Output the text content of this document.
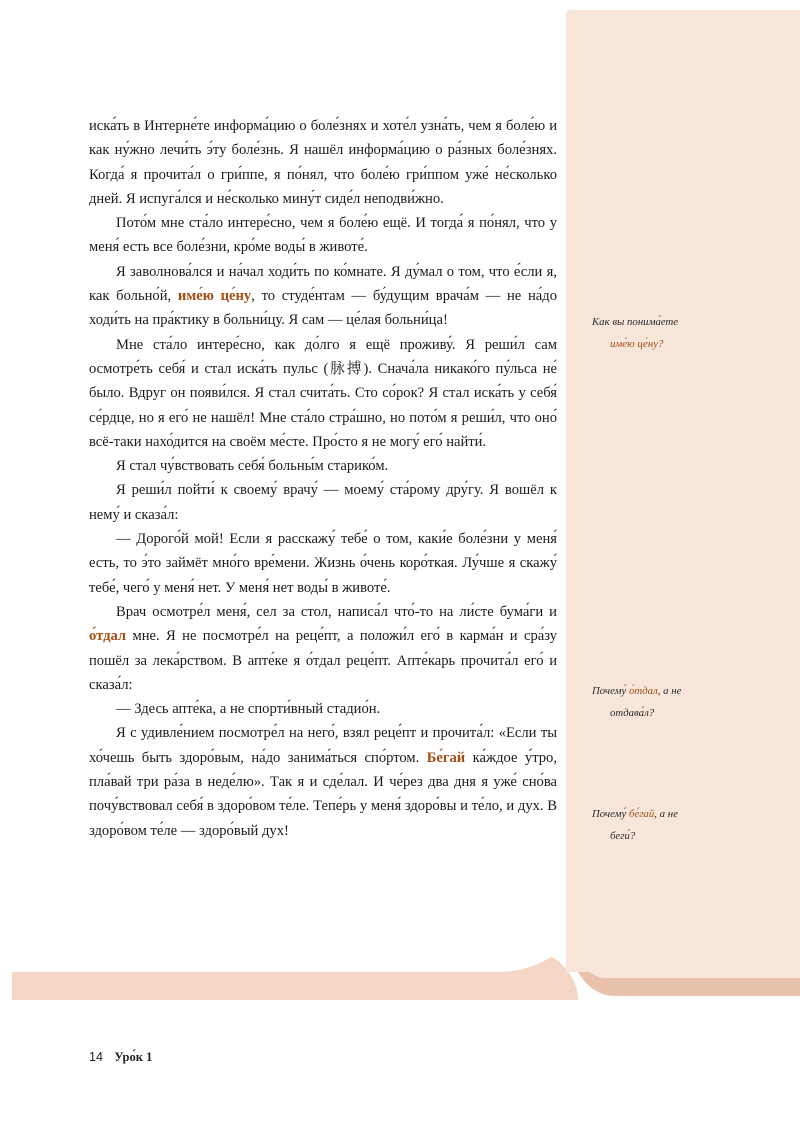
иска́ть в Интерне́те информа́цию о боле́знях и хоте́л узна́ть, чем я боле́ю и как ну́жно лечи́ть э́ту боле́знь. Я нашёл информа́цию о ра́зных боле́знях. Когда́ я прочита́л о гри́ппе, я по́нял, что боле́ю гри́ппом уже́ не́сколько дней. Я испуга́лся и не́сколько мину́т сиде́л неподви́жно.

Пото́м мне ста́ло интере́сно, чем я боле́ю ещё. И тогда́ я по́нял, что у меня́ есть все боле́зни, кро́ме воды́ в животе́.

Я заволнова́лся и на́чал ходи́ть по ко́мнате. Я ду́мал о том, что е́сли я, как больно́й, име́ю це́ну, то студе́нтам — бу́дущим врача́м — не на́до ходи́ть на пра́ктику в больни́цу. Я сам — це́лая больни́ца!

Мне ста́ло интере́сно, как до́лго я ещё проживу́. Я реши́л сам осмотре́ть себя́ и стал иска́ть пульс (脉搏). Снача́ла никако́го пу́льса не́ было. Вдруг он появи́лся. Я стал счита́ть. Сто со́рок? Я стал иска́ть у себя́ се́рдце, но я его́ не нашёл! Мне ста́ло стра́шно, но пото́м я реши́л, что оно́ всё-таки нахо́дится на своём ме́сте. Про́сто я не могу́ его́ найти́.

Я стал чу́вствовать себя́ больны́м старико́м.

Я реши́л пойти́ к своему́ врачу́ — моему́ ста́рому дру́гу. Я вошёл к нему́ и сказа́л:

— Дорого́й мой! Если я расскажу́ тебе́ о том, каки́е боле́зни у меня́ есть, то э́то займёт мно́го вре́мени. Жизнь о́чень коро́ткая. Лу́чше я скажу́ тебе́, чего́ у меня́ нет. У меня́ нет воды́ в животе́.

Врач осмотре́л меня́, сел за стол, написа́л что́-то на ли́сте бума́ги и о́тдал мне. Я не посмотре́л на реце́пт, а положи́л его́ в карма́н и сра́зу пошёл за лека́рством. В апте́ке я о́тдал реце́пт. Апте́карь прочита́л его́ и сказа́л:

— Здесь апте́ка, а не спорти́вный стадио́н.

Я с удивле́нием посмотре́л на него́, взял реце́пт и прочита́л: «Если ты хо́чешь быть здоро́вым, на́до занима́ться спо́ртом. Бе́гай ка́ждое у́тро, пла́вай три ра́за в неде́лю». Так я и сде́лал. И че́рез два дня я уже́ сно́ва почу́вствовал себя́ в здоро́вом те́ле. Тепе́рь у меня́ здоро́вы и те́ло, и дух. В здоро́вом те́ле — здоро́вый дух!

Как вы понима́ете
име́ю це́ну?
Почему́ о́тдал, а не
отдава́л?
Почему́ бе́гай, а не
беги́?
14 Уро́к 1
